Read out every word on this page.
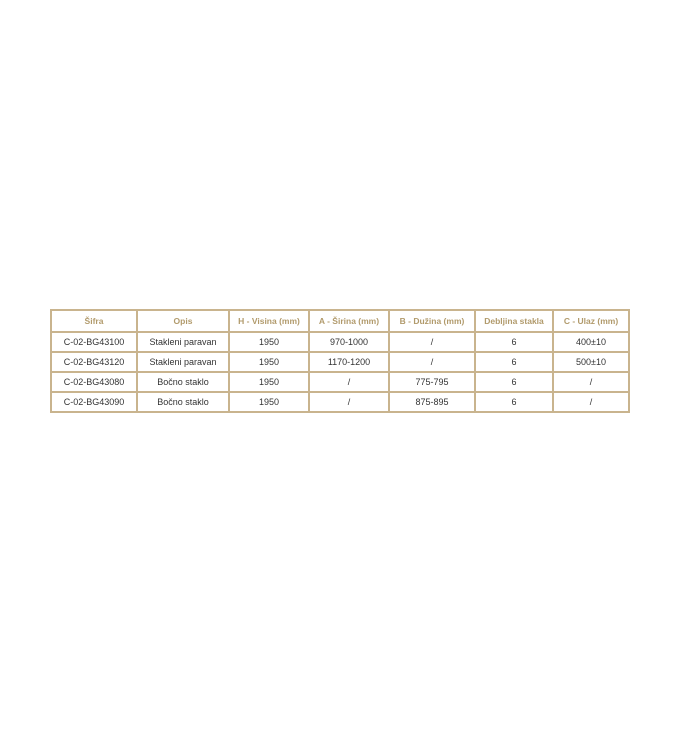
Šifra	Opis	H - Visina (mm)	A - Širina (mm)	B - Dužina (mm)	Debljina stakla	C - Ulaz (mm)
C-02-BG43100	Stakleni paravan	1950	970-1000	/	6	400±10
C-02-BG43120	Stakleni paravan	1950	1170-1200	/	6	500±10
C-02-BG43080	Bočno staklo	1950	/	775-795	6	/
C-02-BG43090	Bočno staklo	1950	/	875-895	6	/
